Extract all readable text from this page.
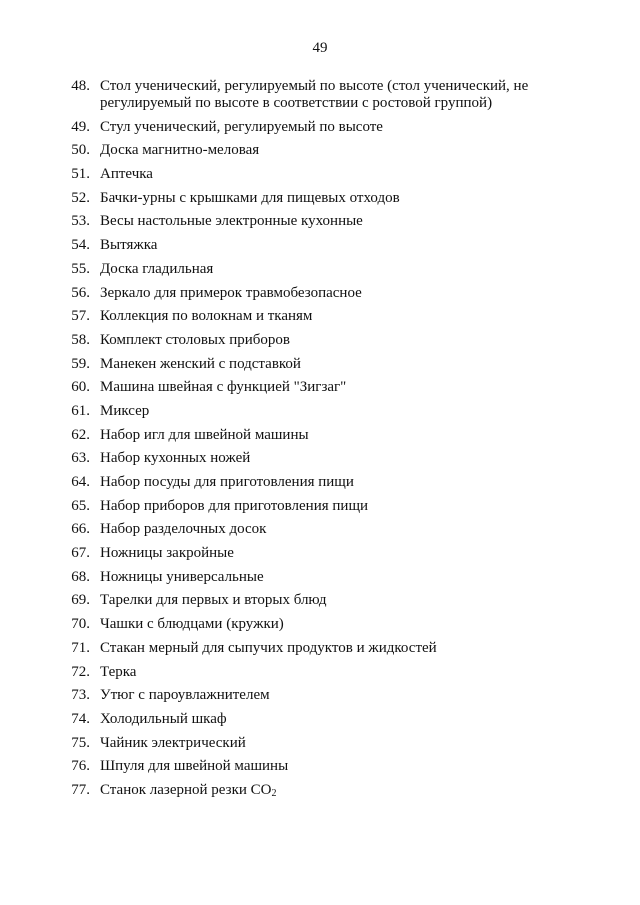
49
48. Стол ученический, регулируемый по высоте (стол ученический, не регулируемый по высоте в соответствии с ростовой группой)
49. Стул ученический, регулируемый по высоте
50. Доска магнитно-меловая
51. Аптечка
52. Бачки-урны с крышками для пищевых отходов
53. Весы настольные электронные кухонные
54. Вытяжка
55. Доска гладильная
56. Зеркало для примерок травмобезопасное
57. Коллекция по волокнам и тканям
58. Комплект столовых приборов
59. Манекен женский с подставкой
60. Машина швейная с функцией "Зигзаг"
61. Миксер
62. Набор игл для швейной машины
63. Набор кухонных ножей
64. Набор посуды для приготовления пищи
65. Набор приборов для приготовления пищи
66. Набор разделочных досок
67. Ножницы закройные
68. Ножницы универсальные
69. Тарелки для первых и вторых блюд
70. Чашки с блюдцами (кружки)
71. Стакан мерный для сыпучих продуктов и жидкостей
72. Терка
73. Утюг с пароувлажнителем
74. Холодильный шкаф
75. Чайник электрический
76. Шпуля для швейной машины
77. Станок лазерной резки $СО_2$
